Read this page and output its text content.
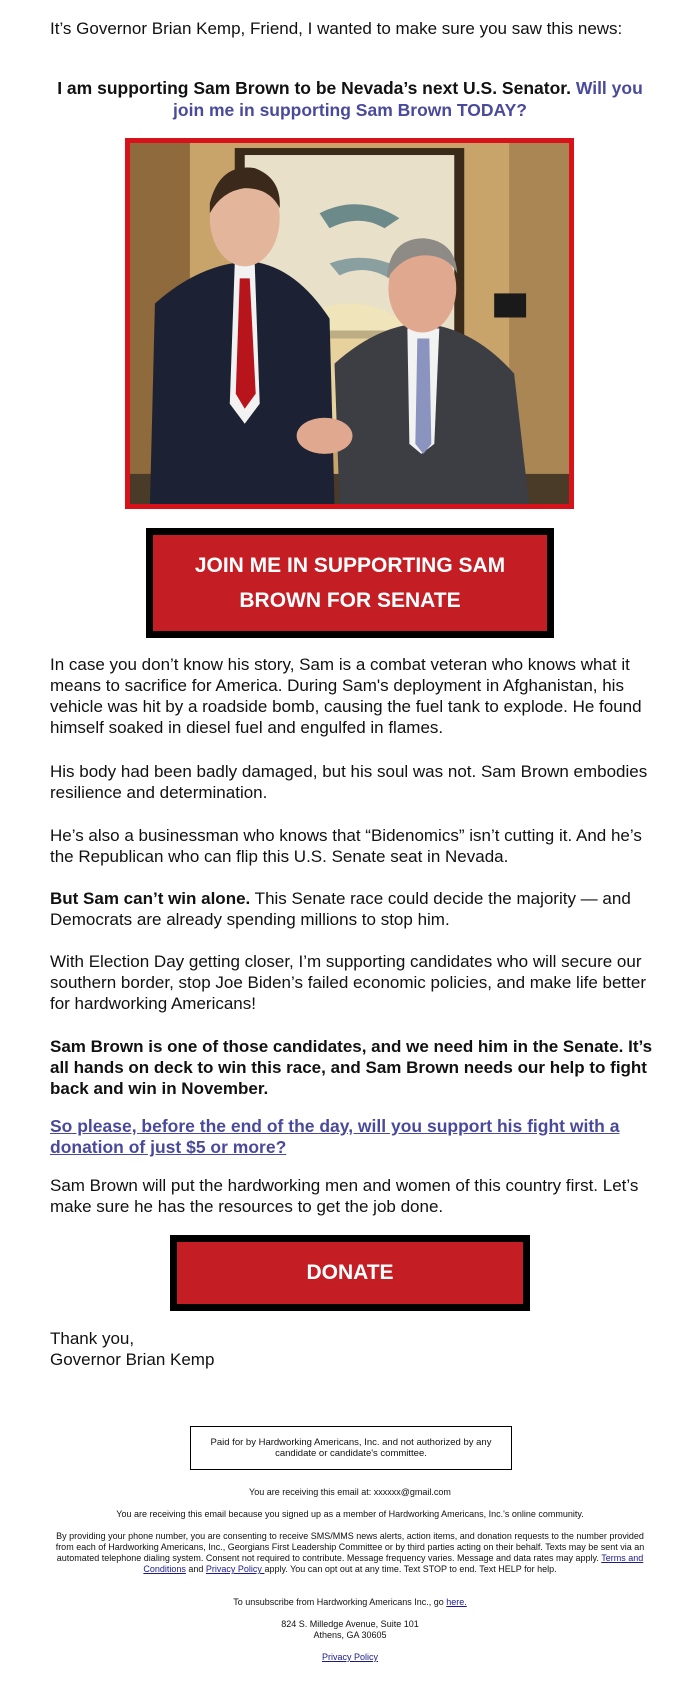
It’s Governor Brian Kemp, Friend, I wanted to make sure you saw this news:

I am supporting Sam Brown to be Nevada’s next U.S. Senator. Will you join me in supporting Sam Brown TODAY?

JOIN ME IN SUPPORTING SAM BROWN FOR SENATE

In case you don’t know his story, Sam is a combat veteran who knows what it means to sacrifice for America. During Sam's deployment in Afghanistan, his vehicle was hit by a roadside bomb, causing the fuel tank to explode. He found himself soaked in diesel fuel and engulfed in flames.

His body had been badly damaged, but his soul was not. Sam Brown embodies resilience and determination.

He’s also a businessman who knows that “Bidenomics” isn’t cutting it. And he’s the Republican who can flip this U.S. Senate seat in Nevada.

But Sam can’t win alone. This Senate race could decide the majority — and Democrats are already spending millions to stop him.

With Election Day getting closer, I’m supporting candidates who will secure our southern border, stop Joe Biden’s failed economic policies, and make life better for hardworking Americans!

Sam Brown is one of those candidates, and we need him in the Senate. It’s all hands on deck to win this race, and Sam Brown needs our help to fight back and win in November.

So please, before the end of the day, will you support his fight with a donation of just $5 or more?

Sam Brown will put the hardworking men and women of this country first. Let’s make sure he has the resources to get the job done.

DONATE
Thank you,
Governor Brian Kemp
Paid for by Hardworking Americans, Inc. and not authorized by any candidate or candidate's committee.

You are receiving this email at: xxxxxx@gmail.com

You are receiving this email because you signed up as a member of Hardworking Americans, Inc.'s online community.

By providing your phone number, you are consenting to receive SMS/MMS news alerts, action items, and donation requests to the number provided from each of Hardworking Americans, Inc., Georgians First Leadership Committee or by third parties acting on their behalf. Texts may be sent via an automated telephone dialing system. Consent not required to contribute. Message frequency varies. Message and data rates may apply. Terms and Conditions and Privacy Policy apply. You can opt out at any time. Text STOP to end. Text HELP for help.

To unsubscribe from Hardworking Americans Inc., go here.

824 S. Milledge Avenue, Suite 101
Athens, GA 30605

Privacy Policy
